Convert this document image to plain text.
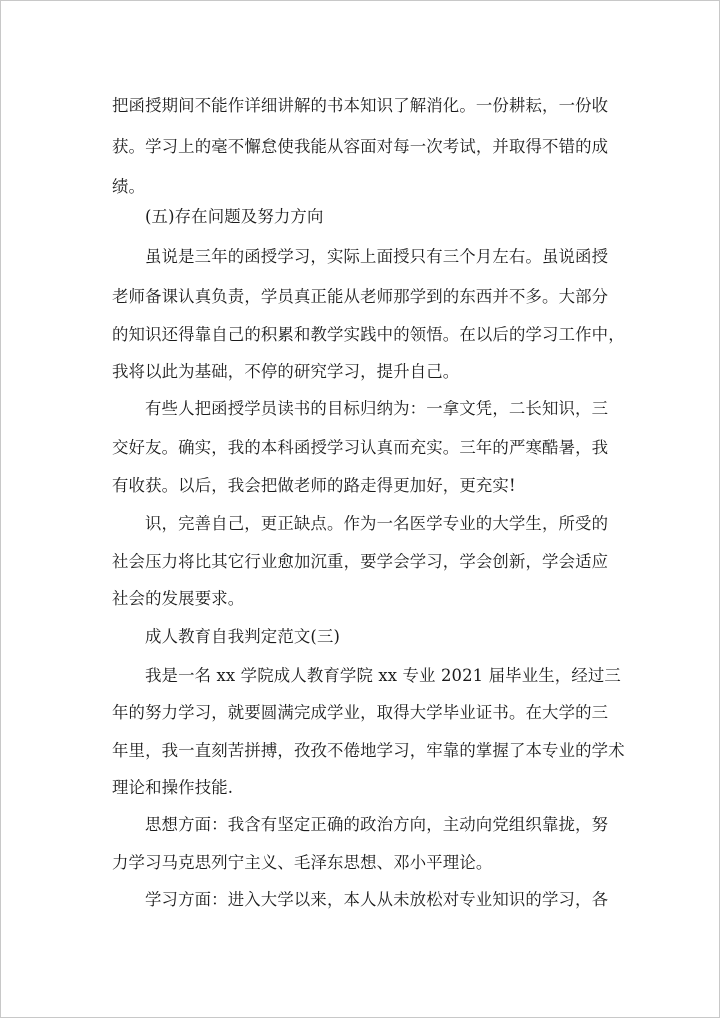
把函授期间不能作详细讲解的书本知识了解消化。一份耕耘，一份收
获。学习上的毫不懈怠使我能从容面对每一次考试，并取得不错的成
绩。
(五)存在问题及努力方向
虽说是三年的函授学习，实际上面授只有三个月左右。虽说函授
老师备课认真负责，学员真正能从老师那学到的东西并不多。大部分
的知识还得靠自己的积累和教学实践中的领悟。在以后的学习工作中，
我将以此为基础，不停的研究学习，提升自己。
有些人把函授学员读书的目标归纳为：一拿文凭，二长知识，三
交好友。确实，我的本科函授学习认真而充实。三年的严寒酷暑，我
有收获。以后，我会把做老师的路走得更加好，更充实!
识，完善自己，更正缺点。作为一名医学专业的大学生，所受的
社会压力将比其它行业愈加沉重，要学会学习，学会创新，学会适应
社会的发展要求。
成人教育自我判定范文(三)
我是一名 xx 学院成人教育学院 xx 专业 2021 届毕业生，经过三
年的努力学习，就要圆满完成学业，取得大学毕业证书。在大学的三
年里，我一直刻苦拼搏，孜孜不倦地学习，牢靠的掌握了本专业的学术
理论和操作技能.
思想方面：我含有坚定正确的政治方向，主动向党组织靠拢，努
力学习马克思列宁主义、毛泽东思想、邓小平理论。
学习方面：进入大学以来，本人从未放松对专业知识的学习，各
